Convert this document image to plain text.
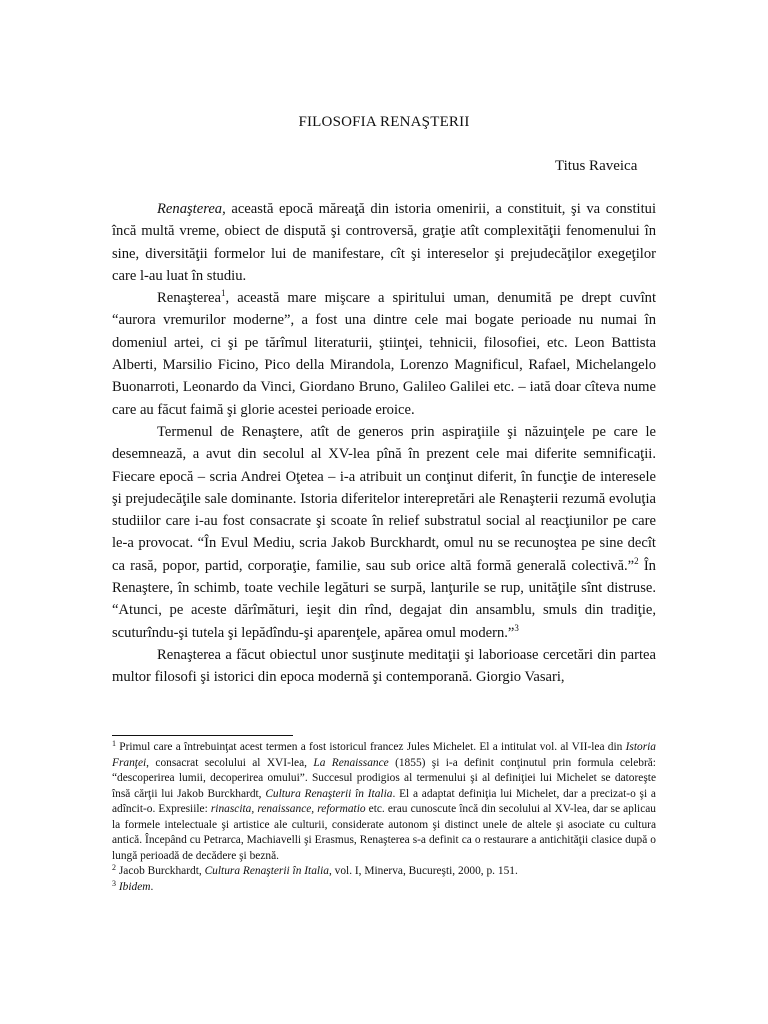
FILOSOFIA RENAŞTERII
Titus Raveica

Renaşterea, această epocă măreaţă din istoria omenirii, a constituit, şi va constitui încă multă vreme, obiect de dispută şi controversă, graţie atît complexităţii fenomenului în sine, diversităţii formelor lui de manifestare, cît şi intereselor şi prejudecăţilor exegeţilor care l-au luat în studiu.

Renaşterea$^1$, această mare mişcare a spiritului uman, denumită pe drept cuvînt “aurora vremurilor moderne”, a fost una dintre cele mai bogate perioade nu numai în domeniul artei, ci şi pe tărîmul literaturii, ştiinţei, tehnicii, filosofiei, etc. Leon Battista Alberti, Marsilio Ficino, Pico della Mirandola, Lorenzo Magnificul, Rafael, Michelangelo Buonarroti, Leonardo da Vinci, Giordano Bruno, Galileo Galilei etc. – iată doar cîteva nume care au făcut faimă şi glorie acestei perioade eroice.

Termenul de Renaştere, atît de generos prin aspiraţiile şi năzuinţele pe care le desemnează, a avut din secolul al XV-lea pînă în prezent cele mai diferite semnificaţii. Fiecare epocă – scria Andrei Oţetea – i-a atribuit un conţinut diferit, în funcţie de interesele şi prejudecăţile sale dominante. Istoria diferitelor interepretări ale Renaşterii rezumă evoluţia studiilor care i-au fost consacrate şi scoate în relief substratul social al reacţiunilor pe care le-a provocat. “În Evul Mediu, scria Jakob Burckhardt, omul nu se recunoştea pe sine decît ca rasă, popor, partid, corporaţie, familie, sau sub orice altă formă generală colectivă.”$^2$ În Renaştere, în schimb, toate vechile legături se surpă, lanţurile se rup, unităţile sînt distruse. “Atunci, pe aceste dărîmături, ieşit din rînd, degajat din ansamblu, smuls din tradiţie, scuturîndu-şi tutela şi lepădîndu-şi aparenţele, apărea omul modern.”$^3$

Renaşterea a făcut obiectul unor susţinute meditaţii şi laborioase cercetări din partea multor filosofi şi istorici din epoca modernă şi contemporană. Giorgio Vasari,

$^1$ Primul care a întrebuinţat acest termen a fost istoricul francez Jules Michelet. El a intitulat vol. al VII-lea din Istoria Franţei, consacrat secolului al XVI-lea, La Renaissance (1855) şi i-a definit conţinutul prin formula celebră: “descoperirea lumii, decoperirea omului”. Succesul prodigios al termenului şi al definiţiei lui Michelet se datoreşte însă cărţii lui Jakob Burckhardt, Cultura Renaşterii în Italia. El a adaptat definiţia lui Michelet, dar a precizat-o şi a adîncit-o. Expresiile: rinascita, renaissance, reformatio etc. erau cunoscute încă din secolului al XV-lea, dar se aplicau la formele intelectuale şi artistice ale culturii, considerate autonom şi distinct unele de altele şi asociate cu cultura antică. Începând cu Petrarca, Machiavelli şi Erasmus, Renaşterea s-a definit ca o restaurare a antichităţii clasice după o lungă perioadă de decădere şi beznă.

$^2$ Jacob Burckhardt, Cultura Renaşterii în Italia, vol. I, Minerva, Bucureşti, 2000, p. 151.

$^3$ Ibidem.
